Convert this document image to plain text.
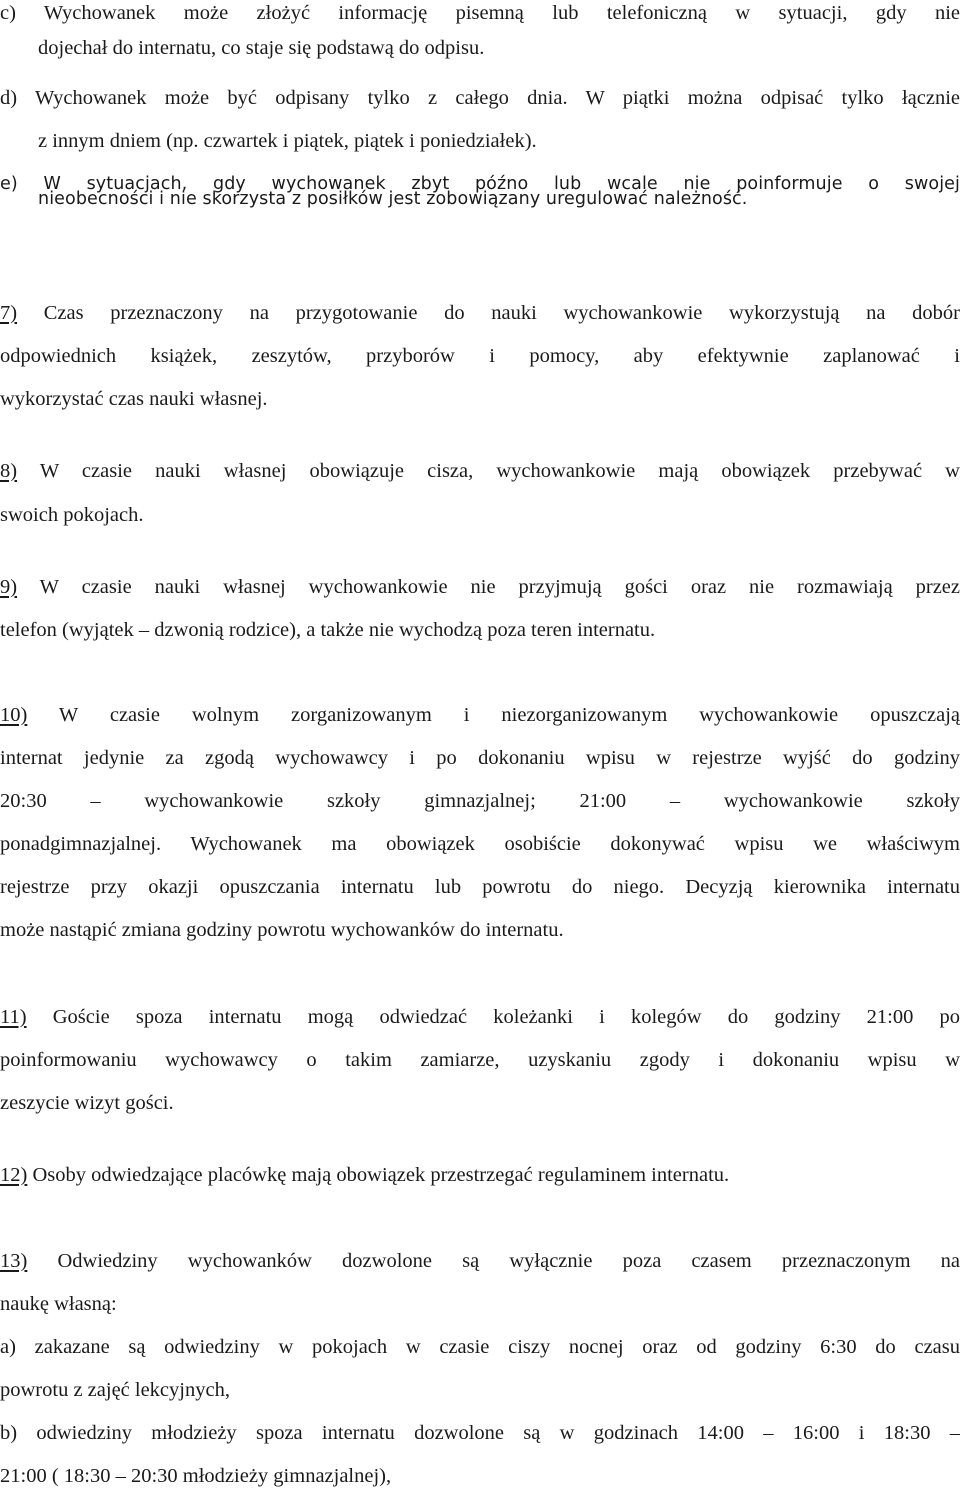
c) Wychowanek może złożyć informację pisemną lub telefoniczną w sytuacji, gdy nie
dojechał do internatu, co staje się podstawą do odpisu.
d) Wychowanek może być odpisany tylko z całego dnia. W piątki można odpisać tylko łącznie
z innym dniem (np. czwartek i piątek, piątek i poniedziałek).
e) W sytuacjach, gdy wychowanek zbyt późno lub wcale nie poinformuje o swojej
nieobecności i nie skorzysta z posiłków jest zobowiązany uregulować należność.
7) Czas przeznaczony na przygotowanie do nauki wychowankowie wykorzystują na dobór
odpowiednich książek, zeszytów, przyborów i pomocy, aby efektywnie zaplanować i
wykorzystać czas nauki własnej.
8) W czasie nauki własnej obowiązuje cisza, wychowankowie mają obowiązek przebywać w
swoich pokojach.
9) W czasie nauki własnej wychowankowie nie przyjmują gości oraz nie rozmawiają przez
telefon (wyjątek – dzwonią rodzice), a także nie wychodzą poza teren internatu.
10) W czasie wolnym zorganizowanym i niezorganizowanym wychowankowie opuszczają
internat jedynie za zgodą wychowawcy i po dokonaniu wpisu w rejestrze wyjść do godziny
20:30 – wychowankowie szkoły gimnazjalnej; 21:00 – wychowankowie szkoły
ponadgimnazjalnej. Wychowanek ma obowiązek osobiście dokonywać wpisu we właściwym
rejestrze przy okazji opuszczania internatu lub powrotu do niego. Decyzją kierownika internatu
może nastąpić zmiana godziny powrotu wychowanków do internatu.
11) Goście spoza internatu mogą odwiedzać koleżanki i kolegów do godziny 21:00 po
poinformowaniu wychowawcy o takim zamiarze, uzyskaniu zgody i dokonaniu wpisu w
zeszycie wizyt gości.
12) Osoby odwiedzające placówkę mają obowiązek przestrzegać regulaminem internatu.
13) Odwiedziny wychowanków dozwolone są wyłącznie poza czasem przeznaczonym na
naukę własną:
a) zakazane są odwiedziny w pokojach w czasie ciszy nocnej oraz od godziny 6:30 do czasu
powrotu z zajęć lekcyjnych,
b) odwiedziny młodzieży spoza internatu dozwolone są w godzinach 14:00 – 16:00 i 18:30 –
21:00 ( 18:30 – 20:30 młodzieży gimnazjalnej),
